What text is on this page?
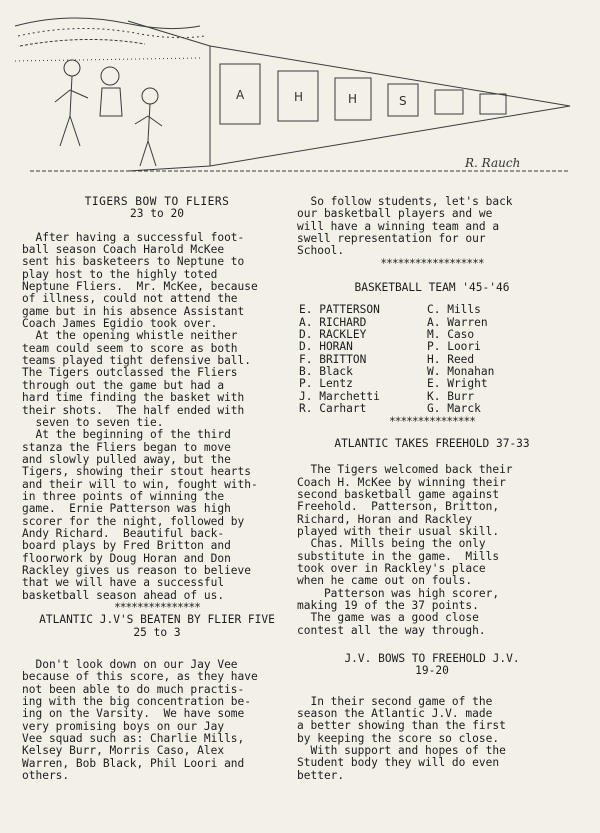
A	H	H	S
R. Rauch

TIGERS BOW TO FLIERS

23 to 20

After having a successful foot-

ball season Coach Harold McKee

sent his basketeers to Neptune to

play host to the highly toted

Neptune Fliers.  Mr. McKee, because

of illness, could not attend the

game but in his absence Assistant

Coach James Egidio took over.

At the opening whistle neither

team could seem to score as both

teams played tight defensive ball.

The Tigers outclassed the Fliers

through out the game but had a

hard time finding the basket with

their shots.  The half ended with

seven to seven tie.

At the beginning of the third

stanza the Fliers began to move

and slowly pulled away, but the

Tigers, showing their stout hearts

and their will to win, fought with-

in three points of winning the

game.  Ernie Patterson was high

scorer for the night, followed by

Andy Richard.  Beautiful back-

board plays by Fred Britton and

floorwork by Doug Horan and Don

Rackley gives us reason to believe

that we will have a successful

basketball season ahead of us.

***************

ATLANTIC J.V'S BEATEN BY FLIER FIVE

25 to 3

Don't look down on our Jay Vee

because of this score, as they have

not been able to do much practis-

ing with the big concentration be-

ing on the Varsity.  We have some

very promising boys on our Jay

Vee squad such as: Charlie Mills,

Kelsey Burr, Morris Caso, Alex

Warren, Bob Black, Phil Loori and

others.

So follow students, let's back

our basketball players and we

will have a winning team and a

swell representation for our

School.

******************

BASKETBALL TEAM '45-'46

E. PATTERSON	C. Mills
A. RICHARD	A. Warren
D. RACKLEY	M. Caso
D. HORAN	P. Loori
F. BRITTON	H. Reed
B. Black	W. Monahan
P. Lentz	E. Wright
J. Marchetti	K. Burr
R. Carhart	G. Marck

***************

ATLANTIC TAKES FREEHOLD 37-33

The Tigers welcomed back their

Coach H. McKee by winning their

second basketball game against

Freehold.  Patterson, Britton,

Richard, Horan and Rackley

played with their usual skill.

Chas. Mills being the only

substitute in the game.  Mills

took over in Rackley's place

when he came out on fouls.

Patterson was high scorer,

making 19 of the 37 points.

The game was a good close

contest all the way through.

J.V. BOWS TO FREEHOLD J.V.

19-20

In their second game of the

season the Atlantic J.V. made

a better showing than the first

by keeping the score so close.

With support and hopes of the

Student body they will do even

better.
